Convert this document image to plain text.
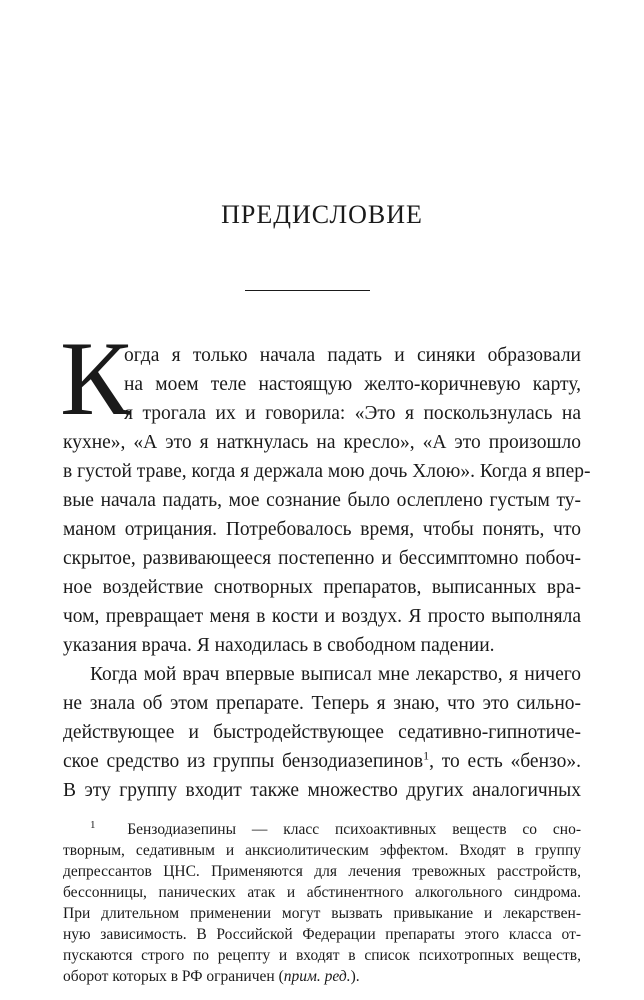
ПРЕДИСЛОВИЕ
К
огда я только начала падать и синяки образовали
на моем теле настоящую желто-коричневую карту,
я трогала их и говорила: «Это я поскользнулась на
кухне», «А это я наткнулась на кресло», «А это произошло
в густой траве, когда я держала мою дочь Хлою». Когда я впер-
вые начала падать, мое сознание было ослеплено густым ту-
маном отрицания. Потребовалось время, чтобы понять, что
скрытое, развивающееся постепенно и бессимптомно побоч-
ное воздействие снотворных препаратов, выписанных вра-
чом, превращает меня в кости и воздух. Я просто выполняла
указания врача. Я находилась в свободном падении.
Когда мой врач впервые выписал мне лекарство, я ничего
не знала об этом препарате. Теперь я знаю, что это сильно-
действующее и быстродействующее седативно-гипнотиче-
ское средство из группы бензодиазепинов$^1$, то есть «бензо».
В эту группу входит также множество других аналогичных
$^1$ Бензодиазепины — класс психоактивных веществ со сно-
творным, седативным и анксиолитическим эффектом. Входят в группу
депрессантов ЦНС. Применяются для лечения тревожных расстройств,
бессонницы, панических атак и абстинентного алкогольного синдрома.
При длительном применении могут вызвать привыкание и лекарствен-
ную зависимость. В Российской Федерации препараты этого класса от-
пускаются строго по рецепту и входят в список психотропных веществ,
оборот которых в РФ ограничен (прим. ред.).
